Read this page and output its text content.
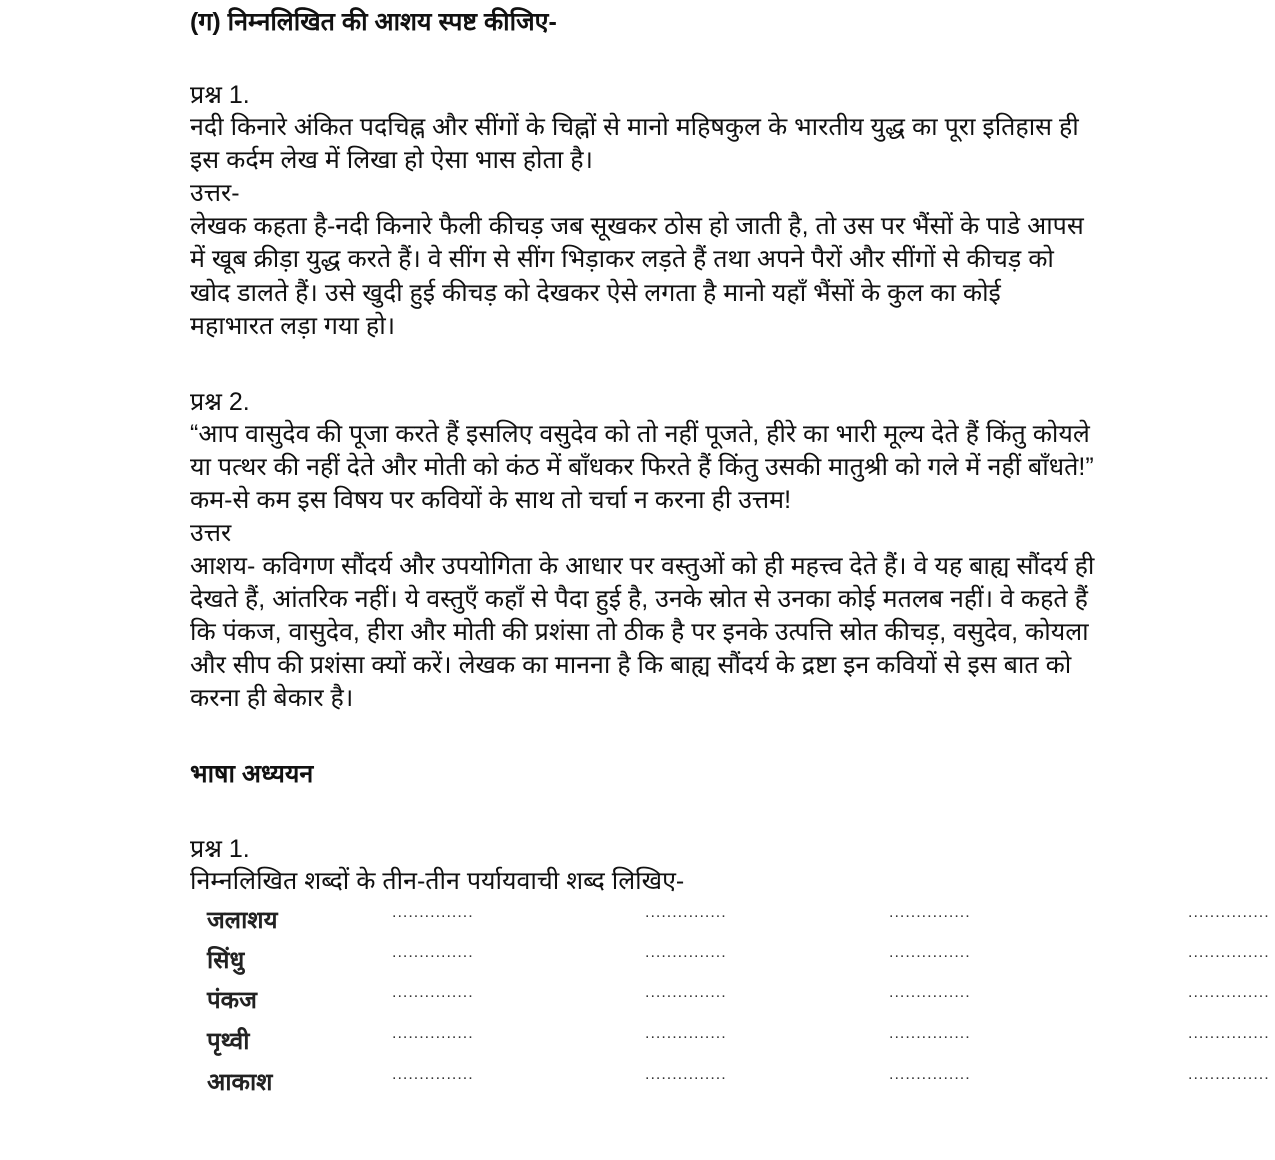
(ग) निम्नलिखित की आशय स्पष्ट कीजिए-
प्रश्न 1.
नदी किनारे अंकित पदचिह्न और सींगों के चिह्नों से मानो महिषकुल के भारतीय युद्ध का पूरा इतिहास ही
इस कर्दम लेख में लिखा हो ऐसा भास होता है।
उत्तर-
लेखक कहता है-नदी किनारे फैली कीचड़ जब सूखकर ठोस हो जाती है, तो उस पर भैंसों के पाडे आपस
में खूब क्रीड़ा युद्ध करते हैं। वे सींग से सींग भिड़ाकर लड़ते हैं तथा अपने पैरों और सींगों से कीचड़ को
खोद डालते हैं। उसे खुदी हुई कीचड़ को देखकर ऐसे लगता है मानो यहाँ भैंसों के कुल का कोई
महाभारत लड़ा गया हो।
प्रश्न 2.
“आप वासुदेव की पूजा करते हैं इसलिए वसुदेव को तो नहीं पूजते, हीरे का भारी मूल्य देते हैं किंतु कोयले
या पत्थर की नहीं देते और मोती को कंठ में बाँधकर फिरते हैं किंतु उसकी मातुश्री को गले में नहीं बाँधते!”
कम-से कम इस विषय पर कवियों के साथ तो चर्चा न करना ही उत्तम!
उत्तर
आशय- कविगण सौंदर्य और उपयोगिता के आधार पर वस्तुओं को ही महत्त्व देते हैं। वे यह बाह्य सौंदर्य ही
देखते हैं, आंतरिक नहीं। ये वस्तुएँ कहाँ से पैदा हुई है, उनके स्रोत से उनका कोई मतलब नहीं। वे कहते हैं
कि पंकज, वासुदेव, हीरा और मोती की प्रशंसा तो ठीक है पर इनके उत्पत्ति स्रोत कीचड़, वसुदेव, कोयला
और सीप की प्रशंसा क्यों करें। लेखक का मानना है कि बाह्य सौंदर्य के द्रष्टा इन कवियों से इस बात को
करना ही बेकार है।
भाषा अध्ययन
प्रश्न 1.
निम्नलिखित शब्दों के तीन-तीन पर्यायवाची शब्द लिखिए-
जलाशय	...............	...............	...............	...............
सिंधु	...............	...............	...............	...............
पंकज	...............	...............	...............	...............
पृथ्वी	...............	...............	...............	...............
आकाश	...............	...............	...............	...............
